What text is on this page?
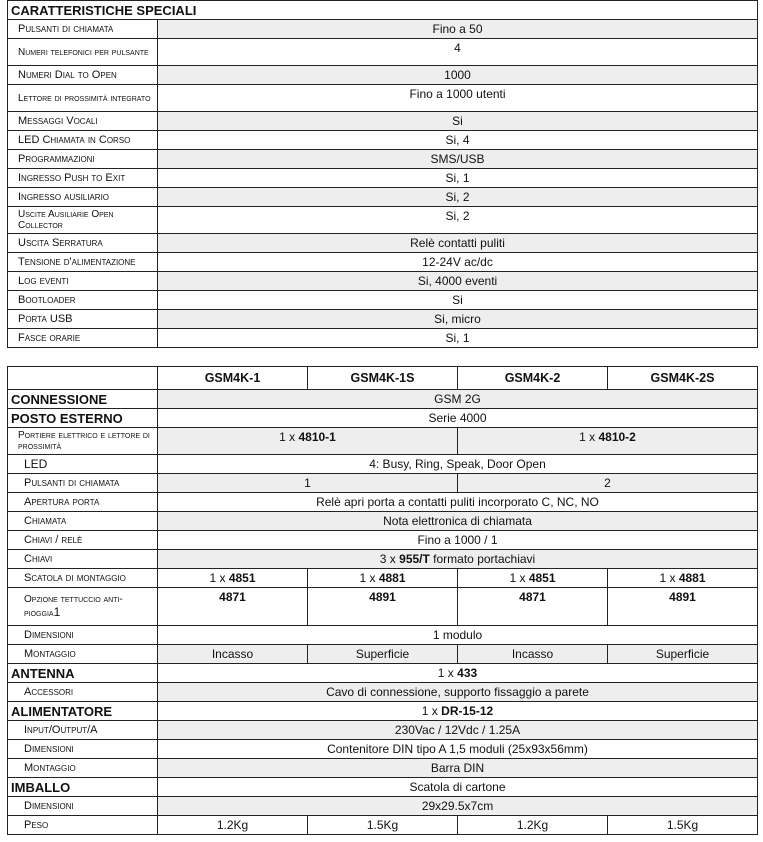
CARATTERISTICHE SPECIALI	
Pulsanti di chiamata	Fino a 50
Numeri telefonici per pulsante	4
Numeri Dial to Open	1000
Lettore di prossimità integrato	Fino a 1000 utenti
Messaggi Vocali	Si
LED Chiamata in Corso	Si, 4
Programmazioni	SMS/USB
Ingresso Push to Exit	Si, 1
Ingresso ausiliario	Si, 2
Uscite Ausiliarie Open Collector	Si, 2
Uscita Serratura	Relè contatti puliti
Tensione d'alimentazione	12-24V ac/dc
Log eventi	Si, 4000 eventi
Bootloader	Si
Porta USB	Si, micro
Fasce orarie	Si, 1
	GSM4K-1	GSM4K-1S	GSM4K-2	GSM4K-2S
CONNESSIONE	GSM 2G			
POSTO ESTERNO	Serie 4000			
Portiere elettrico e lettore di prossimità	1 x 4810-1		1 x 4810-2	
LED	4: Busy, Ring, Speak, Door Open			
Pulsanti di chiamata	1		2	
Apertura porta	Relè apri porta a contatti puliti incorporato C, NC, NO			
Chiamata	Nota elettronica di chiamata			
Chiavi / relè	Fino a 1000 / 1			
Chiavi	3 x 955/T formato portachiavi			
Scatola di montaggio	1 x 4851	1 x 4881	1 x 4851	1 x 4881
Opzione tettuccio anti-pioggia1	4871	4891	4871	4891
Dimensioni	1 modulo			
Montaggio	Incasso	Superficie	Incasso	Superficie
ANTENNA	1 x 433			
Accessori	Cavo di connessione, supporto fissaggio a parete			
ALIMENTATORE	1 x DR-15-12			
Input/Output/A	230Vac / 12Vdc / 1.25A			
Dimensioni	Contenitore DIN tipo A 1,5 moduli (25x93x56mm)			
Montaggio	Barra DIN			
IMBALLO	Scatola di cartone			
Dimensioni	29x29.5x7cm			
Peso	1.2Kg	1.5Kg	1.2Kg	1.5Kg
